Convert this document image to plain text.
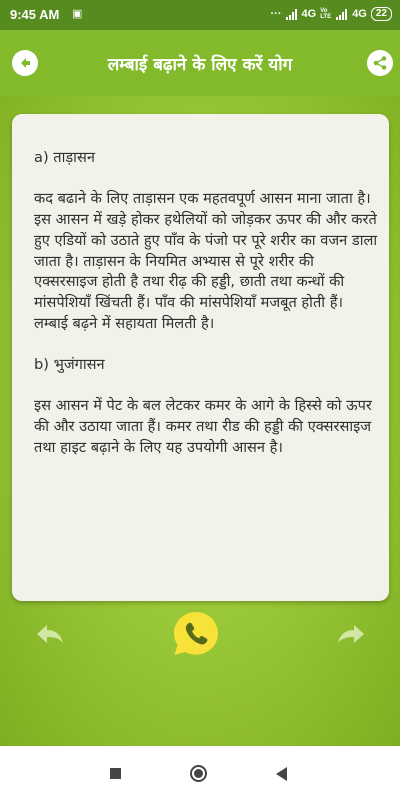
9:45 AM ▣	··· 4G Vo LTE 4G 22
लम्बाई बढ़ाने के लिए करें योग

a) ताड़ासन

कद बढाने के लिए ताड़ासन एक महतवपूर्ण आसन माना जाता है। इस आसन में खड़े होकर हथेलियों को जोड़कर ऊपर की और करते हुए एडियों को उठाते हुए पाँव के पंजो पर पूरे शरीर का वजन डाला जाता है। ताड़ासन के नियमित अभ्यास से पूरे शरीर की एक्सरसाइज होती है तथा रीढ़ की हड्डी, छाती तथा कन्धों की मांसपेशियाँ खिंचती हैं। पाँव की मांसपेशियाँ मजबूत होती हैं। लम्बाई बढ़ने में सहायता मिलती है।

b) भुजंगासन

इस आसन में पेट के बल लेटकर कमर के आगे के हिस्से को ऊपर की और उठाया जाता हैं। कमर तथा रीड की हड्डी की एक्सरसाइज तथा हाइट बढ़ाने के लिए यह उपयोगी आसन है।
